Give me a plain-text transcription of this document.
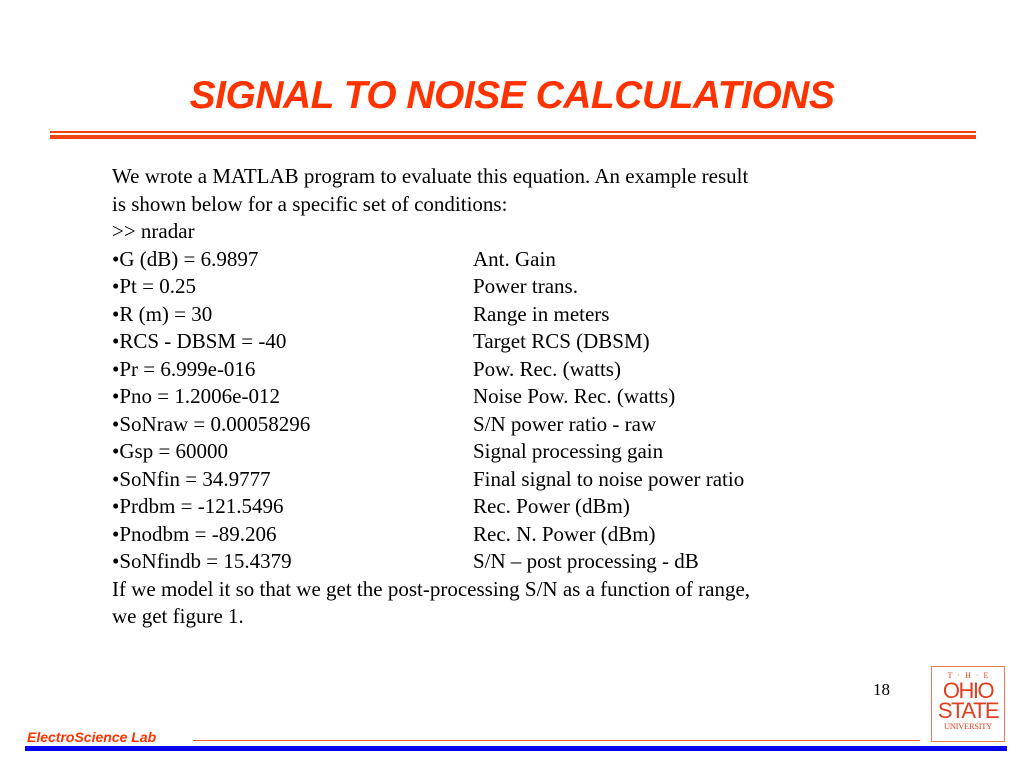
SIGNAL TO NOISE CALCULATIONS
We wrote a MATLAB program to evaluate this equation. An example result
is shown below for a specific set of conditions:
>> nradar
•G (dB) = 6.9897	Ant. Gain
•Pt = 0.25	Power trans.
•R (m) = 30	Range in meters
•RCS - DBSM = -40	Target RCS (DBSM)
•Pr = 6.999e-016	Pow. Rec. (watts)
•Pno = 1.2006e-012	Noise Pow. Rec. (watts)
•SoNraw = 0.00058296	S/N power ratio - raw
•Gsp = 60000	Signal processing gain
•SoNfin = 34.9777	Final signal to noise power ratio
•Prdbm = -121.5496	Rec. Power (dBm)
•Pnodbm = -89.206	Rec. N. Power (dBm)
•SoNfindb = 15.4379	S/N – post processing - dB
If we model it so that we get the post-processing S/N as a function of range,
we get figure 1.
18
ElectroScience Lab
T·H·E
OHIO
STATE
UNIVERSITY
